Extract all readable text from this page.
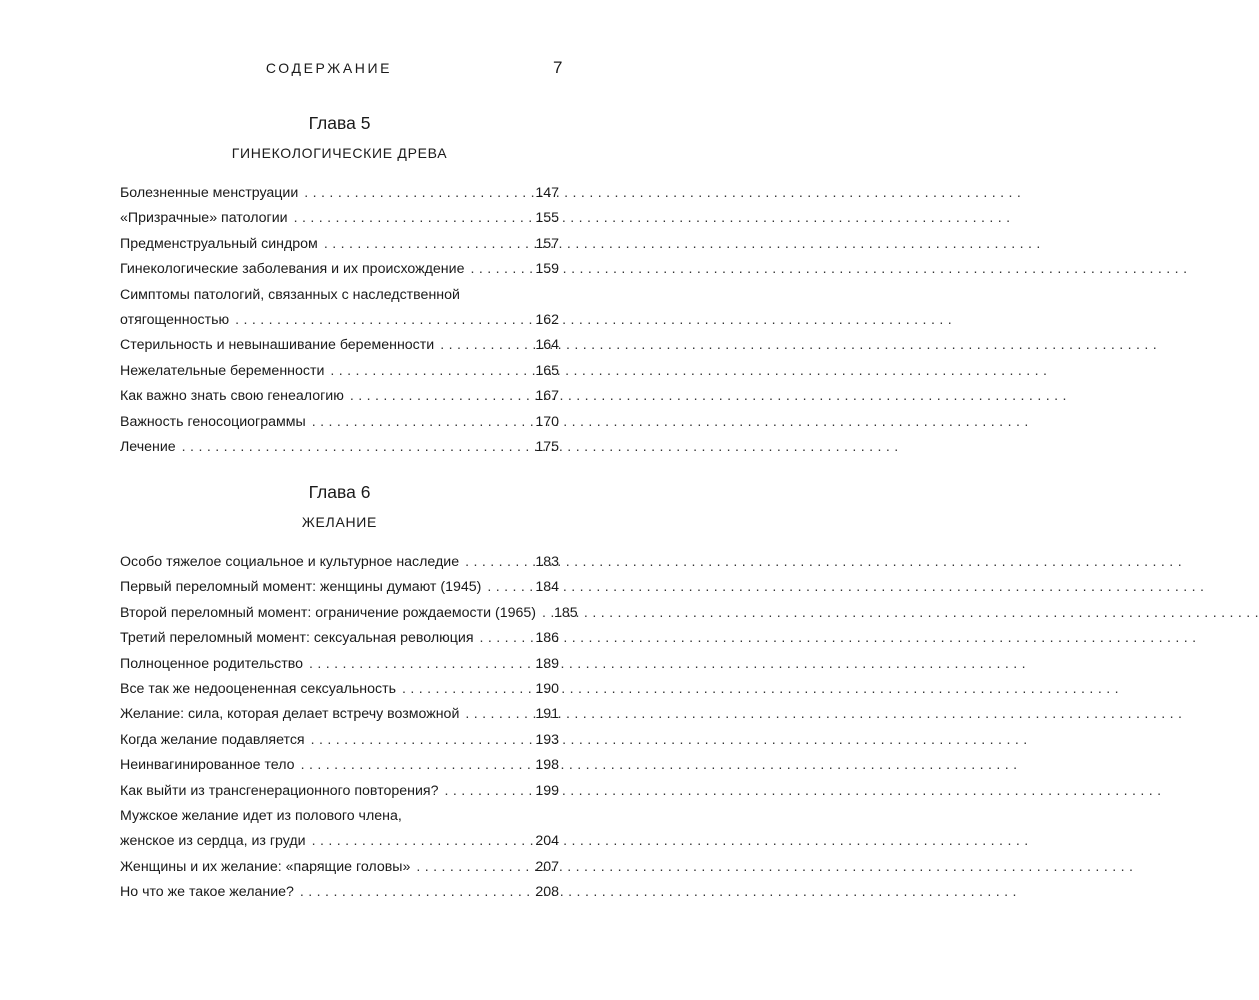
СОДЕРЖАНИЕ	7
Глава 5
ГИНЕКОЛОГИЧЕСКИЕ ДРЕВА
Болезненные менструации . . .	147
«Призрачные» патологии . . .	155
Предменструальный синдром . . .	157
Гинекологические заболевания и их происхождение . . .	159
Симптомы патологий, связанных с наследственной
отягощенностью . . .	162
Стерильность и невынашивание беременности . . .	164
Нежелательные беременности . . .	165
Как важно знать свою генеалогию . . .	167
Важность геносоциограммы . . .	170
Лечение . . .	175
Глава 6
ЖЕЛАНИЕ
Особо тяжелое социальное и культурное наследие . . .	183
Первый переломный момент: женщины думают (1945) . . .	184
Второй переломный момент: ограничение рождаемости (1965) . . . 185
Третий переломный момент: сексуальная революция . . .	186
Полноценное родительство . . .	189
Все так же недооцененная сексуальность . . .	190
Желание: сила, которая делает встречу возможной . . .	191
Когда желание подавляется . . .	193
Неинвагинированное тело . . .	198
Как выйти из трансгенерационного повторения? . . .	199
Мужское желание идет из полового члена,
женское из сердца, из груди . . .	204
Женщины и их желание: «парящие головы» . . .	207
Но что же такое желание? . . .	208
